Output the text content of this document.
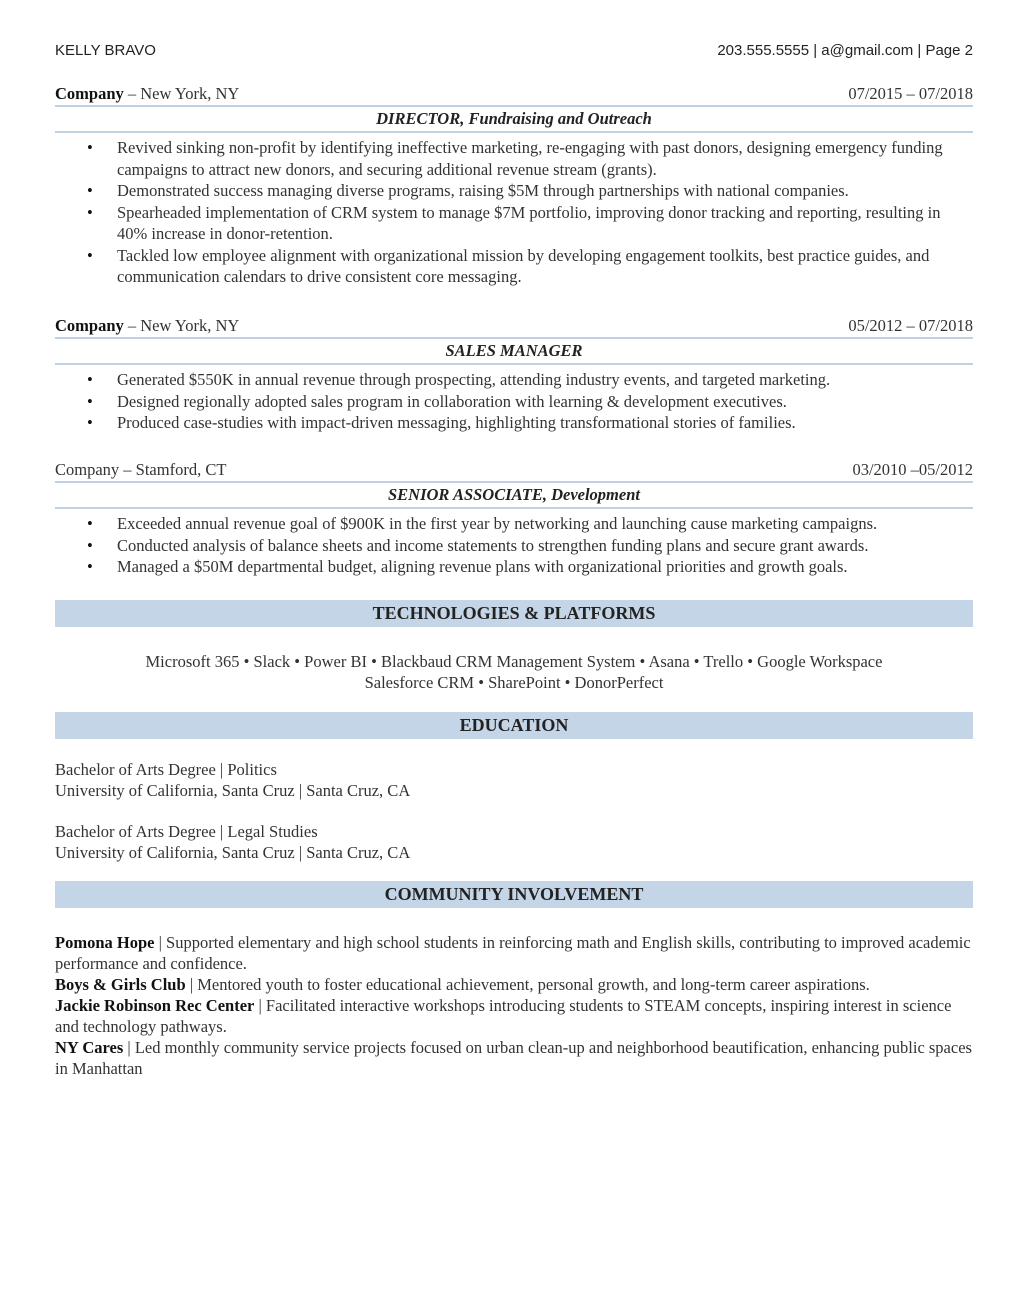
KELLY BRAVO	203.555.5555 | a@gmail.com | Page 2
Company – New York, NY	07/2015 – 07/2018
DIRECTOR, Fundraising and Outreach
• Revived sinking non-profit by identifying ineffective marketing, re-engaging with past donors, designing emergency funding campaigns to attract new donors, and securing additional revenue stream (grants).
• Demonstrated success managing diverse programs, raising $5M through partnerships with national companies.
• Spearheaded implementation of CRM system to manage $7M portfolio, improving donor tracking and reporting, resulting in 40% increase in donor-retention.
• Tackled low employee alignment with organizational mission by developing engagement toolkits, best practice guides, and communication calendars to drive consistent core messaging.
Company – New York, NY	05/2012 – 07/2018
SALES MANAGER
• Generated $550K in annual revenue through prospecting, attending industry events, and targeted marketing.
• Designed regionally adopted sales program in collaboration with learning & development executives.
• Produced case-studies with impact-driven messaging, highlighting transformational stories of families.
Company – Stamford, CT	03/2010 –05/2012
SENIOR ASSOCIATE, Development
• Exceeded annual revenue goal of $900K in the first year by networking and launching cause marketing campaigns.
• Conducted analysis of balance sheets and income statements to strengthen funding plans and secure grant awards.
• Managed a $50M departmental budget, aligning revenue plans with organizational priorities and growth goals.
TECHNOLOGIES & PLATFORMS
Microsoft 365 • Slack • Power BI • Blackbaud CRM Management System • Asana • Trello • Google Workspace
Salesforce CRM • SharePoint • DonorPerfect
EDUCATION
Bachelor of Arts Degree | Politics
University of California, Santa Cruz | Santa Cruz, CA
Bachelor of Arts Degree | Legal Studies
University of California, Santa Cruz | Santa Cruz, CA
COMMUNITY INVOLVEMENT
Pomona Hope | Supported elementary and high school students in reinforcing math and English skills, contributing to improved academic performance and confidence.
Boys & Girls Club | Mentored youth to foster educational achievement, personal growth, and long-term career aspirations.
Jackie Robinson Rec Center | Facilitated interactive workshops introducing students to STEAM concepts, inspiring interest in science and technology pathways.
NY Cares | Led monthly community service projects focused on urban clean-up and neighborhood beautification, enhancing public spaces in Manhattan
